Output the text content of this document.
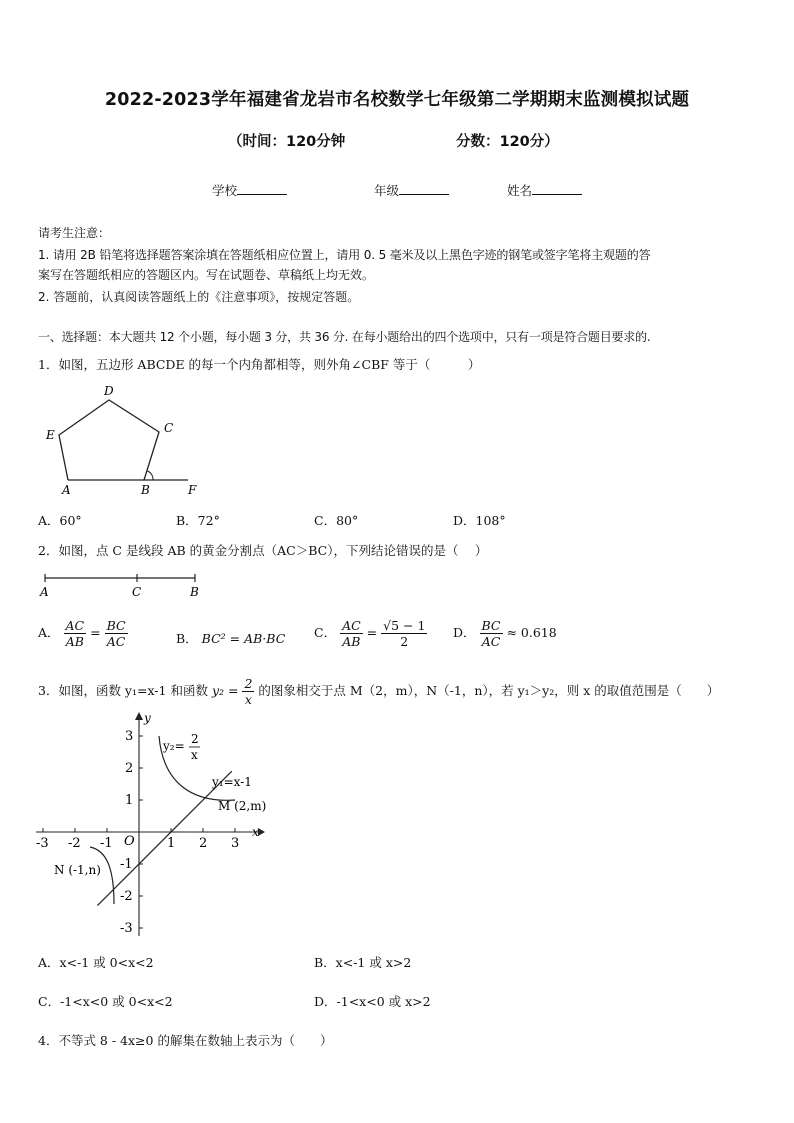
2022-2023学年福建省龙岩市名校数学七年级第二学期期末监测模拟试题
（时间：120分钟	分数：120分）
学校	年级	姓名
请考生注意：
1. 请用 2B 铅笔将选择题答案涂填在答题纸相应位置上，请用 0. 5 毫米及以上黑色字迹的钢笔或签字笔将主观题的答
案写在答题纸相应的答题区内。写在试题卷、草稿纸上均无效。
2. 答题前，认真阅读答题纸上的《注意事项》，按规定答题。
一、选择题：本大题共 12 个小题，每小题 3 分，共 36 分. 在每小题给出的四个选项中，只有一项是符合题目要求的.
1．如图，五边形 ABCDE 的每一个内角都相等，则外角∠CBF 等于（　　　）
D
C
E
A	B	F
A．60°	B．72°	C．80°	D．108°
2．如图，点 C 是线段 AB 的黄金分割点（AC＞BC），下列结论错误的是（　 ）
A	C	B
A． $\frac{AC}{AB} = \frac{BC}{AC}$	B． BC² = AB·BC C． $\frac{AC}{AB} = \frac{√5 - 1}{2}$ D． $\frac{BC}{AC} \approx 0.618$
3．如图，函数 y₁=x-1 和函数 $y_2 = \frac{2}{x}$ 的图象相交于点 M（2，m），N（-1，n），若 y₁＞y₂，则 x 的取值范围是（　　）
-3 -2 -1	1 2 3
3
2
1
-1
-2
-3
O
x
y
y₂= 2
x
y₁=x-1
M (2,m)
N (-1,n)
A．x<-1 或 0<x<2	B．x<-1 或 x>2
C．-1<x<0 或 0<x<2	D．-1<x<0 或 x>2
4．不等式 8 - 4x≥0 的解集在数轴上表示为（　　）
